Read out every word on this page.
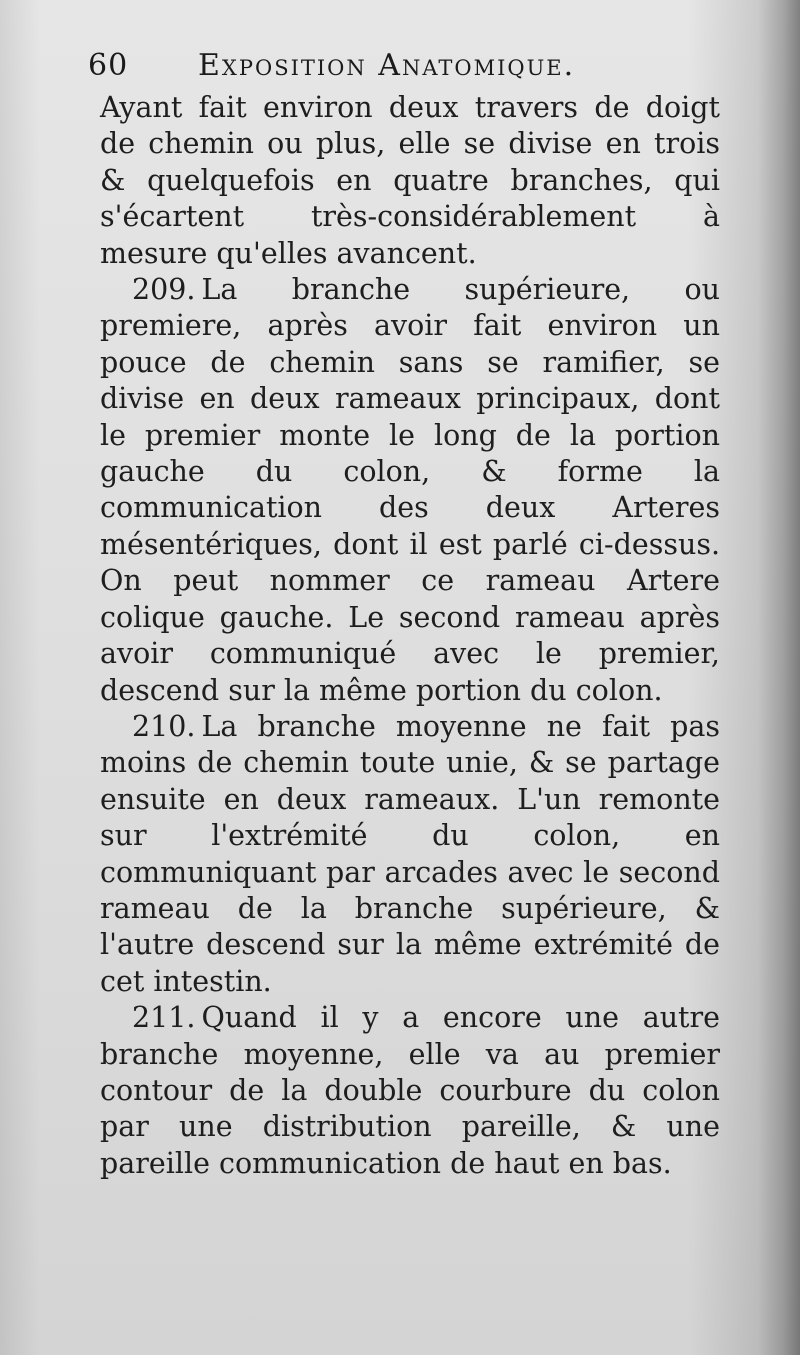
60 Exposition Anatomique.

Ayant fait environ deux travers de doigt de chemin ou plus, elle se divise en trois & quelquefois en quatre branches, qui s'écartent très-considérablement à mesure qu'elles avancent.

209. La branche supérieure, ou premiere, après avoir fait environ un pouce de chemin sans se ramifier, se divise en deux rameaux principaux, dont le premier monte le long de la portion gauche du colon, & forme la communication des deux Arteres mésentériques, dont il est parlé ci-dessus. On peut nommer ce rameau Artere colique gauche. Le second rameau après avoir communiqué avec le premier, descend sur la même portion du colon.

210. La branche moyenne ne fait pas moins de chemin toute unie, & se partage ensuite en deux rameaux. L'un remonte sur l'extrémité du colon, en communiquant par arcades avec le second rameau de la branche supérieure, & l'autre descend sur la même extrémité de cet intestin.

211. Quand il y a encore une autre branche moyenne, elle va au premier contour de la double courbure du colon par une distribution pareille, & une pareille communication de haut en bas.
